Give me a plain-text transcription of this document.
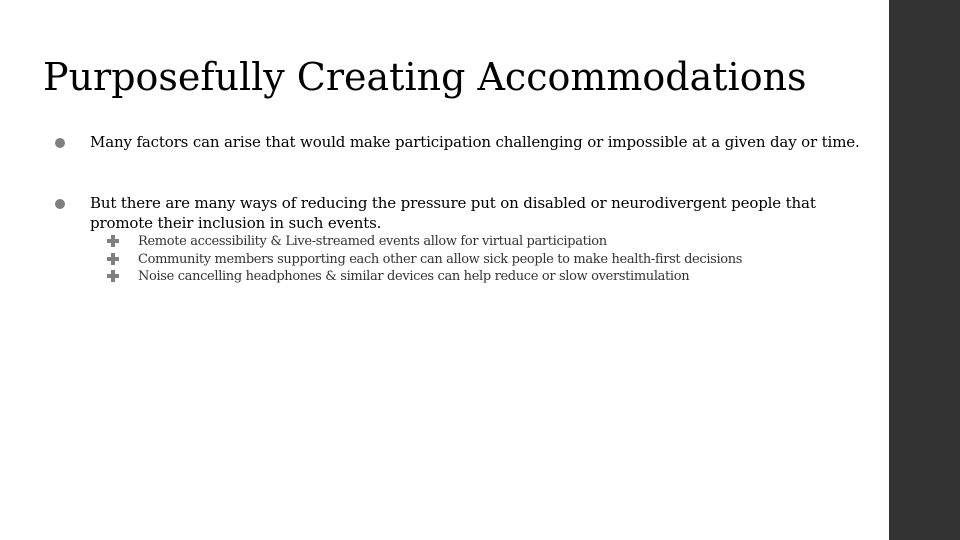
Purposefully Creating Accommodations
Many factors can arise that would make participation challenging or impossible at a given day or time.
But there are many ways of reducing the pressure put on disabled or neurodivergent people that promote their inclusion in such events.
Remote accessibility & Live-streamed events allow for virtual participation
Community members supporting each other can allow sick people to make health-first decisions
Noise cancelling headphones & similar devices can help reduce or slow overstimulation
